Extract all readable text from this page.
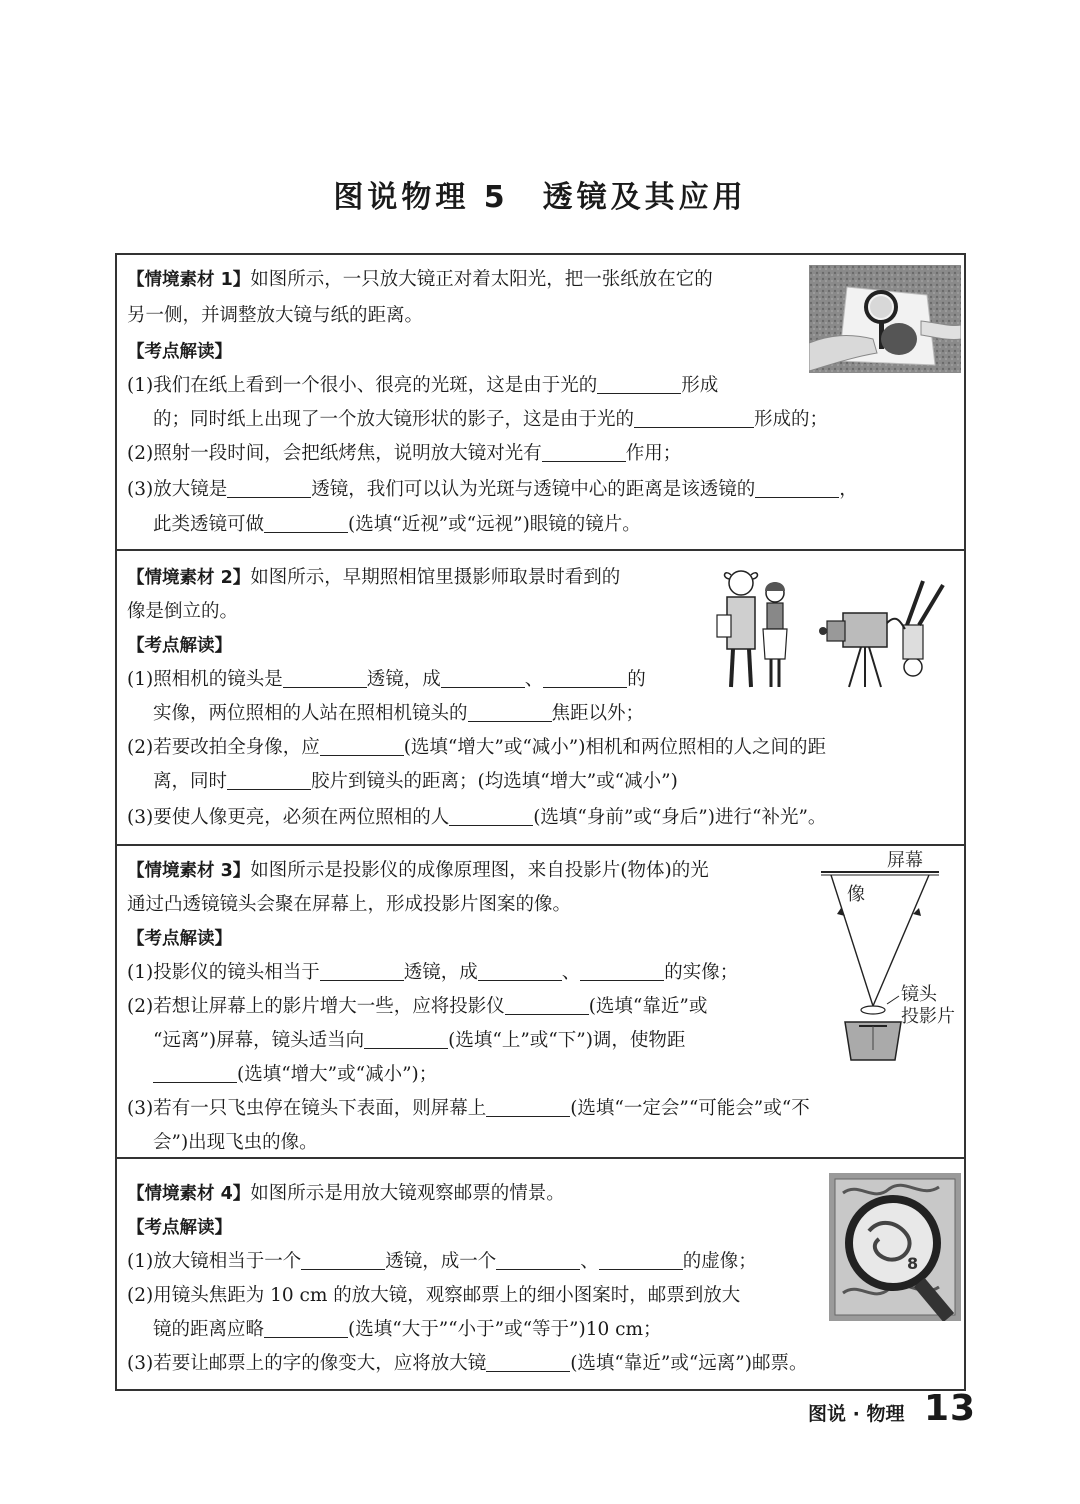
图说物理 5　透镜及其应用
【情境素材 1】如图所示，一只放大镜正对着太阳光，把一张纸放在它的
另一侧，并调整放大镜与纸的距离。
【考点解读】
(1)我们在纸上看到一个很小、很亮的光斑，这是由于光的	形成
的；同时纸上出现了一个放大镜形状的影子，这是由于光的	形成的；
(2)照射一段时间，会把纸烤焦，说明放大镜对光有	作用；
(3)放大镜是	透镜，我们可以认为光斑与透镜中心的距离是该透镜的	，
此类透镜可做	(选填“近视”或“远视”)眼镜的镜片。
【情境素材 2】如图所示，早期照相馆里摄影师取景时看到的
像是倒立的。
【考点解读】
(1)照相机的镜头是	透镜，成	、	的
实像，两位照相的人站在照相机镜头的	焦距以外；
(2)若要改拍全身像，应	(选填“增大”或“减小”)相机和两位照相的人之间的距
离，同时	胶片到镜头的距离；(均选填“增大”或“减小”)
(3)要使人像更亮，必须在两位照相的人	(选填“身前”或“身后”)进行“补光”。
【情境素材 3】如图所示是投影仪的成像原理图，来自投影片(物体)的光
通过凸透镜镜头会聚在屏幕上，形成投影片图案的像。
【考点解读】
(1)投影仪的镜头相当于	透镜，成	、	的实像；
(2)若想让屏幕上的影片增大一些，应将投影仪	(选填“靠近”或
“远离”)屏幕，镜头适当向	(选填“上”或“下”)调，使物距
(选填“增大”或“减小”)；
(3)若有一只飞虫停在镜头下表面，则屏幕上	(选填“一定会”“可能会”或“不
会”)出现飞虫的像。
屏幕
像
镜头
投影片
【情境素材 4】如图所示是用放大镜观察邮票的情景。
【考点解读】
(1)放大镜相当于一个	透镜，成一个	、	的虚像；
(2)用镜头焦距为 10 cm 的放大镜，观察邮票上的细小图案时，邮票到放大
镜的距离应略	(选填“大于”“小于”或“等于”)10 cm；
(3)若要让邮票上的字的像变大，应将放大镜	(选填“靠近”或“远离”)邮票。
8
图说 · 物理 13
